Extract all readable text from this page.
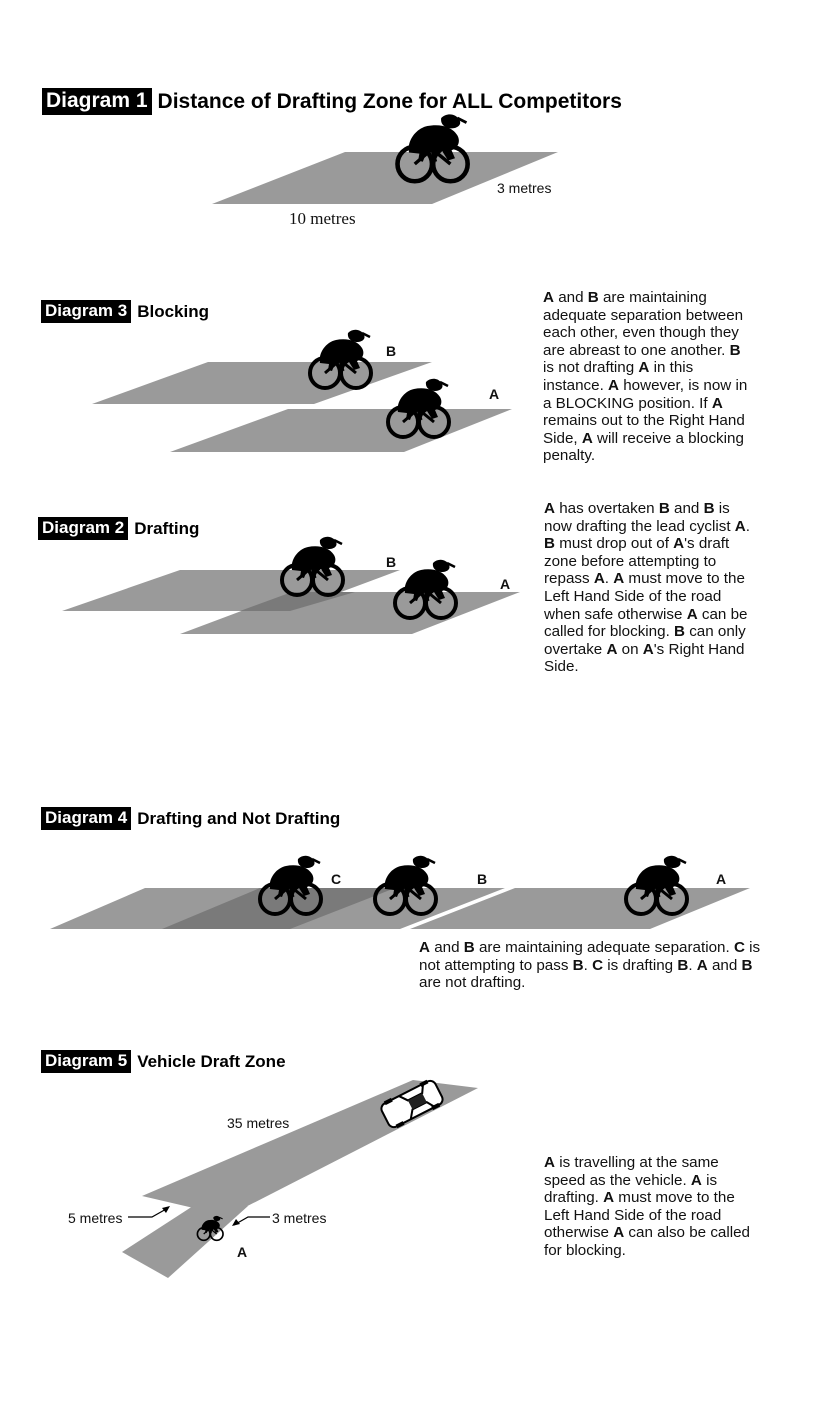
Diagram 1 Distance of Drafting Zone for ALL Competitors
Diagram 3 Blocking
Diagram 2 Drafting
Diagram 4 Drafting and Not Drafting
Diagram 5 Vehicle Draft Zone
3 metres
10 metres
B
A

A and B are maintaining adequate separation between each other, even though they are abreast to one another. B is not drafting A in this instance. A however, is now in a BLOCKING position. If A remains out to the Right Hand Side, A will receive a blocking penalty.

B
A

A has overtaken B and B is now drafting the lead cyclist A. B must drop out of A's draft zone before attempting to repass A. A must move to the Left Hand Side of the road when safe otherwise A can be called for blocking. B can only overtake A on A's Right Hand Side.

C	B	A

A and B are maintaining adequate separation. C is not attempting to pass B. C is drafting B. A and B are not drafting.

35 metres
5 metres	3 metres
A

A is travelling at the same speed as the vehicle. A is drafting. A must move to the Left Hand Side of the road otherwise A can also be called for blocking.
